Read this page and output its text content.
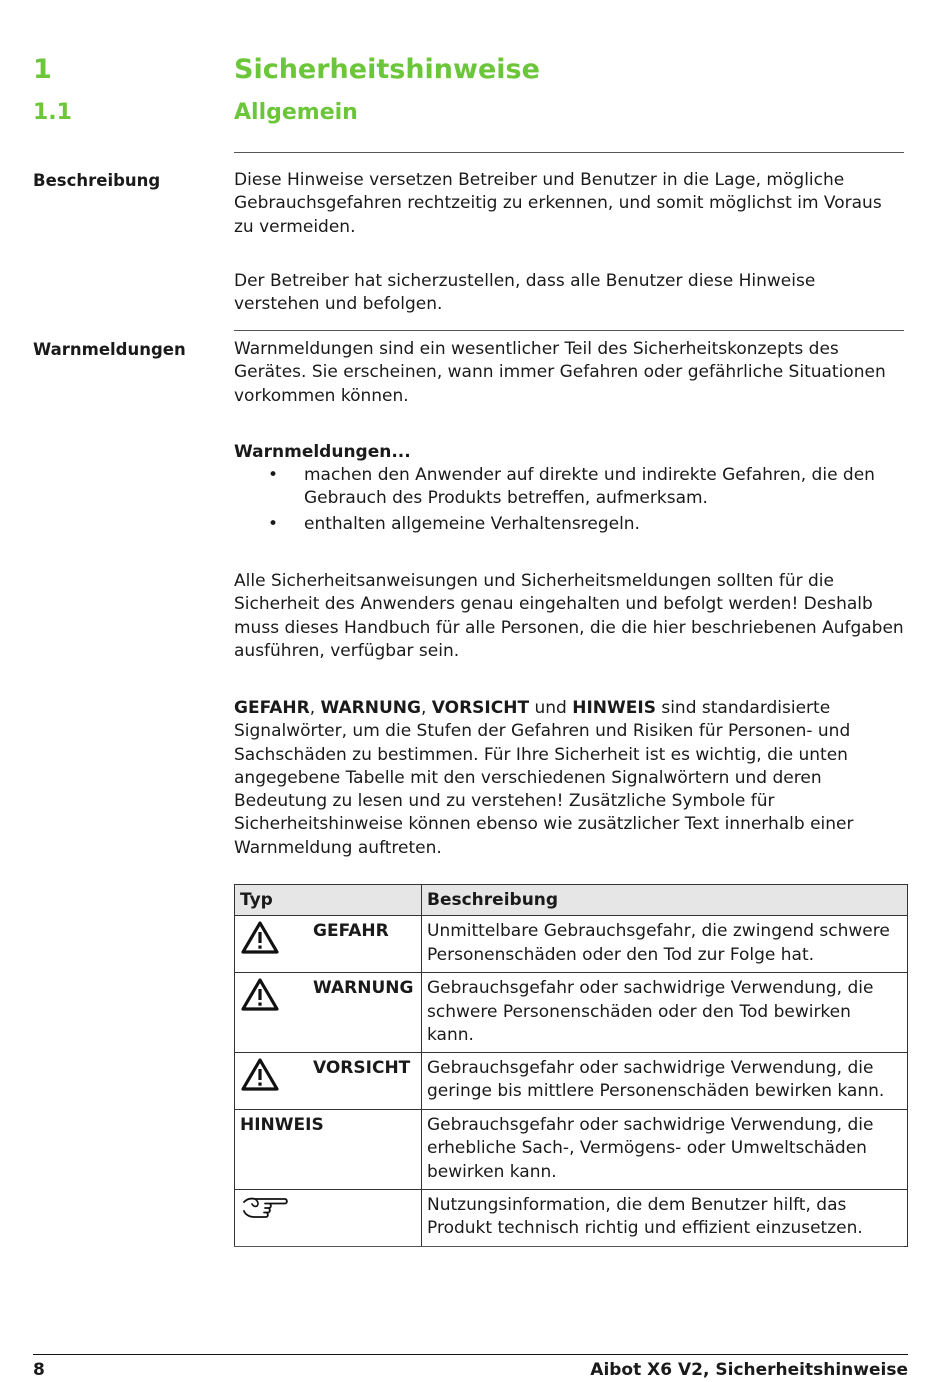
1	Sicherheitshinweise
1.1	Allgemein
Beschreibung	Diese Hinweise versetzen Betreiber und Benutzer in die Lage, mögliche Gebrauchsgefahren rechtzeitig zu erkennen, und somit möglichst im Voraus zu vermeiden.

Der Betreiber hat sicherzustellen, dass alle Benutzer diese Hinweise verstehen und befolgen.

Warnmeldungen	Warnmeldungen sind ein wesentlicher Teil des Sicherheitskonzepts des Gerätes. Sie erscheinen, wann immer Gefahren oder gefährliche Situationen vorkommen können.

Warnmeldungen...

• machen den Anwender auf direkte und indirekte Gefahren, die den Gebrauch des Produkts betreffen, aufmerksam.
• enthalten allgemeine Verhaltensregeln.

Alle Sicherheitsanweisungen und Sicherheitsmeldungen sollten für die Sicherheit des Anwenders genau eingehalten und befolgt werden! Deshalb muss dieses Handbuch für alle Personen, die die hier beschriebenen Aufgaben ausführen, verfügbar sein.

GEFAHR, WARNUNG, VORSICHT und HINWEIS sind standardisierte Signalwörter, um die Stufen der Gefahren und Risiken für Personen- und Sachschäden zu bestimmen. Für Ihre Sicherheit ist es wichtig, die unten angegebene Tabelle mit den verschiedenen Signalwörtern und deren Bedeutung zu lesen und zu verstehen! Zusätzliche Symbole für Sicherheitshinweise können ebenso wie zusätzlicher Text innerhalb einer Warnmeldung auftreten.

Typ	Beschreibung

GEFAHR	Unmittelbare Gebrauchsgefahr, die zwingend schwere Personenschäden oder den Tod zur Folge hat.

WARNUNG	Gebrauchsgefahr oder sachwidrige Verwendung, die schwere Personenschäden oder den Tod bewirken kann.

VORSICHT	Gebrauchsgefahr oder sachwidrige Verwendung, die geringe bis mittlere Personenschäden bewirken kann.
HINWEIS	Gebrauchsgefahr oder sachwidrige Verwendung, die erhebliche Sach-, Vermögens- oder Umweltschäden bewirken kann.

	Nutzungsinformation, die dem Benutzer hilft, das Produkt technisch richtig und effizient einzusetzen.
8	Aibot X6 V2, Sicherheitshinweise
